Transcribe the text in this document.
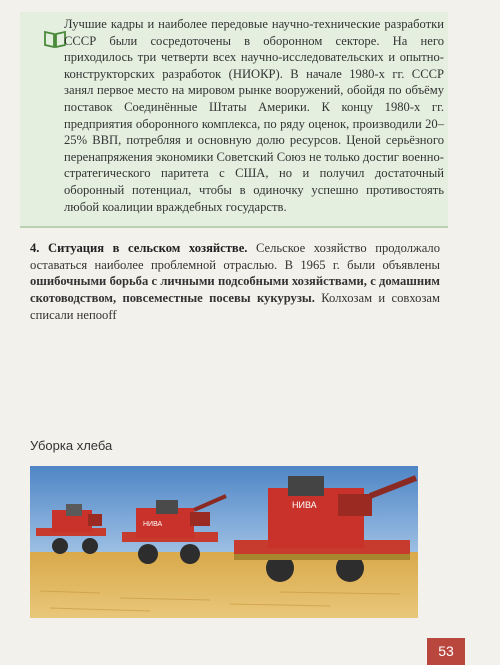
Лучшие кадры и наиболее передовые научно-технические разработки СССР были сосредоточены в оборонном секторе. На него приходилось три четверти всех научно-исследовательских и опытно-конструкторских разработок (НИОКР). В начале 1980-х гг. СССР занял первое место на мировом рынке вооружений, обойдя по объёму поставок Соединённые Штаты Америки. К концу 1980-х гг. предприятия оборонного комплекса, по ряду оценок, производили 20–25% ВВП, потребляя и основную долю ресурсов. Ценой серьёзного перенапряжения экономики Советский Союз не только достиг военно-стратегического паритета с США, но и получил достаточный оборонный потенциал, чтобы в одиночку успешно противостоять любой коалиции враждебных государств.
4. Ситуация в сельском хозяйстве. Сельское хозяйство продолжало оставаться наиболее проблемной отраслью. В 1965 г. были объявлены ошибочными борьба с личными подсобными хозяйствами, с домашним скотоводством, повсеместные посевы кукурузы. Колхозам и совхозам списали непоoff
Уборка хлеба
НИВА
НИВА
53
